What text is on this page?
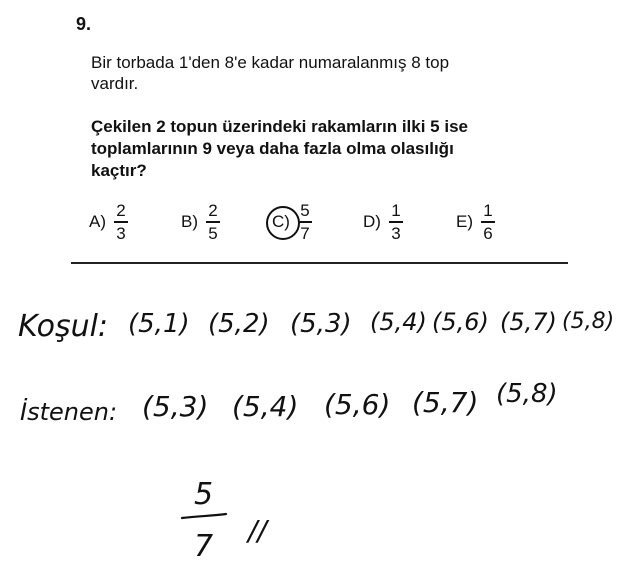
9.
Bir torbada 1'den 8'e kadar numaralanmış 8 top
vardır.
Çekilen 2 topun üzerindeki rakamların ilki 5 ise
toplamlarının 9 veya daha fazla olma olasılığı
kaçtır?
$A) \frac{2}{3}$	$B) \frac{2}{5}$	$C) \frac{5}{7}$	$D) \frac{1}{3}$	$E) \frac{1}{6}$
Koşul: (5,1) (5,2) (5,3) (5,4) (5,6) (5,7) (5,8)
İstenen: (5,3) (5,4) (5,6) (5,7) (5,8)
5
7 //
